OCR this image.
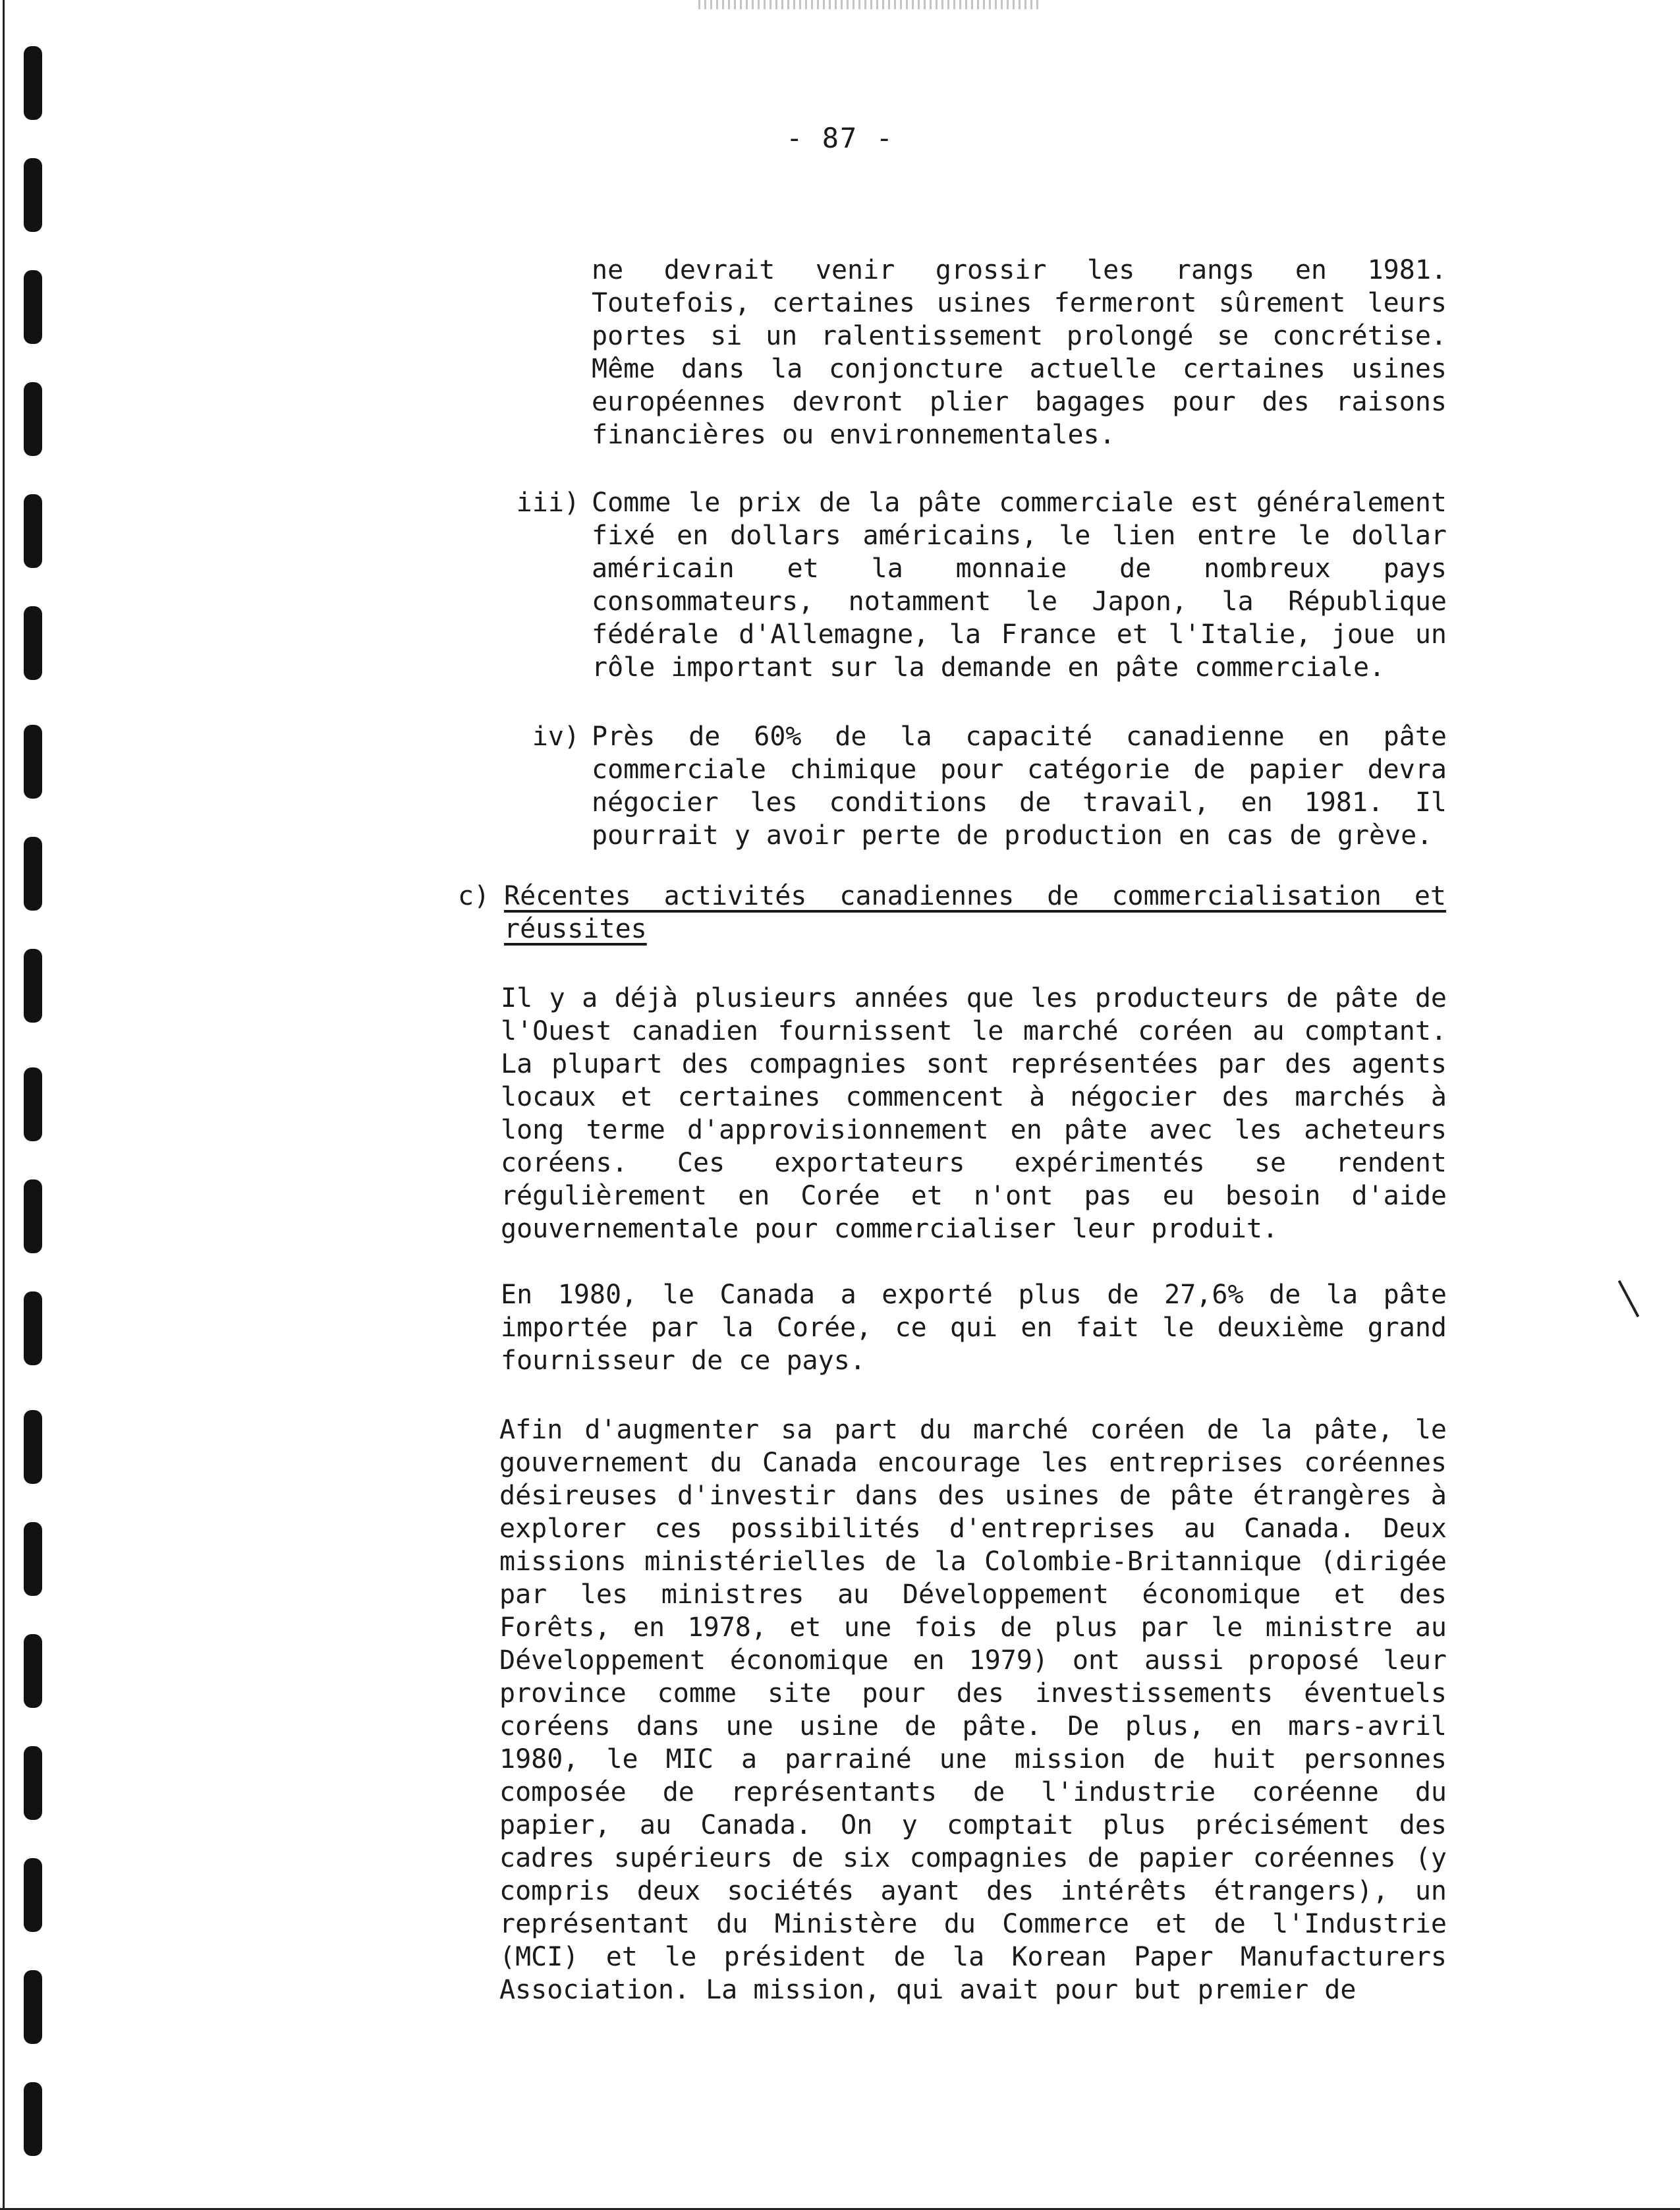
- 87 -

ne devrait venir grossir les rangs en 1981. Toutefois, certaines usines fermeront sûrement leurs portes si un ralentissement prolongé se concrétise. Même dans la conjoncture actuelle certaines usines européennes devront plier bagages pour des raisons financières ou environnementales.

iii) Comme le prix de la pâte commerciale est généralement fixé en dollars américains, le lien entre le dollar américain et la monnaie de nombreux pays consommateurs, notamment le Japon, la République fédérale d'Allemagne, la France et l'Italie, joue un rôle important sur la demande en pâte commerciale.

iv) Près de 60% de la capacité canadienne en pâte commerciale chimique pour catégorie de papier devra négocier les conditions de travail, en 1981. Il pourrait y avoir perte de production en cas de grève.

c) Récentes activités canadiennes de commercialisation et
réussites

Il y a déjà plusieurs années que les producteurs de pâte de l'Ouest canadien fournissent le marché coréen au comptant. La plupart des compagnies sont représentées par des agents locaux et certaines commencent à négocier des marchés à long terme d'approvisionnement en pâte avec les acheteurs coréens. Ces exportateurs expérimentés se rendent régulièrement en Corée et n'ont pas eu besoin d'aide gouvernementale pour commercialiser leur produit.

En 1980, le Canada a exporté plus de 27,6% de la pâte importée par la Corée, ce qui en fait le deuxième grand fournisseur de ce pays.

Afin d'augmenter sa part du marché coréen de la pâte, le gouvernement du Canada encourage les entreprises coréennes désireuses d'investir dans des usines de pâte étrangères à explorer ces possibilités d'entreprises au Canada. Deux missions ministérielles de la Colombie-Britannique (dirigée par les ministres au Développement économique et des Forêts, en 1978, et une fois de plus par le ministre au Développement économique en 1979) ont aussi proposé leur province comme site pour des investissements éventuels coréens dans une usine de pâte. De plus, en mars-avril 1980, le MIC a parrainé une mission de huit personnes composée de représentants de l'industrie coréenne du papier, au Canada. On y comptait plus précisément des cadres supérieurs de six compagnies de papier coréennes (y compris deux sociétés ayant des intérêts étrangers), un représentant du Ministère du Commerce et de l'Industrie (MCI) et le président de la Korean Paper Manufacturers Association. La mission, qui avait pour but premier de
